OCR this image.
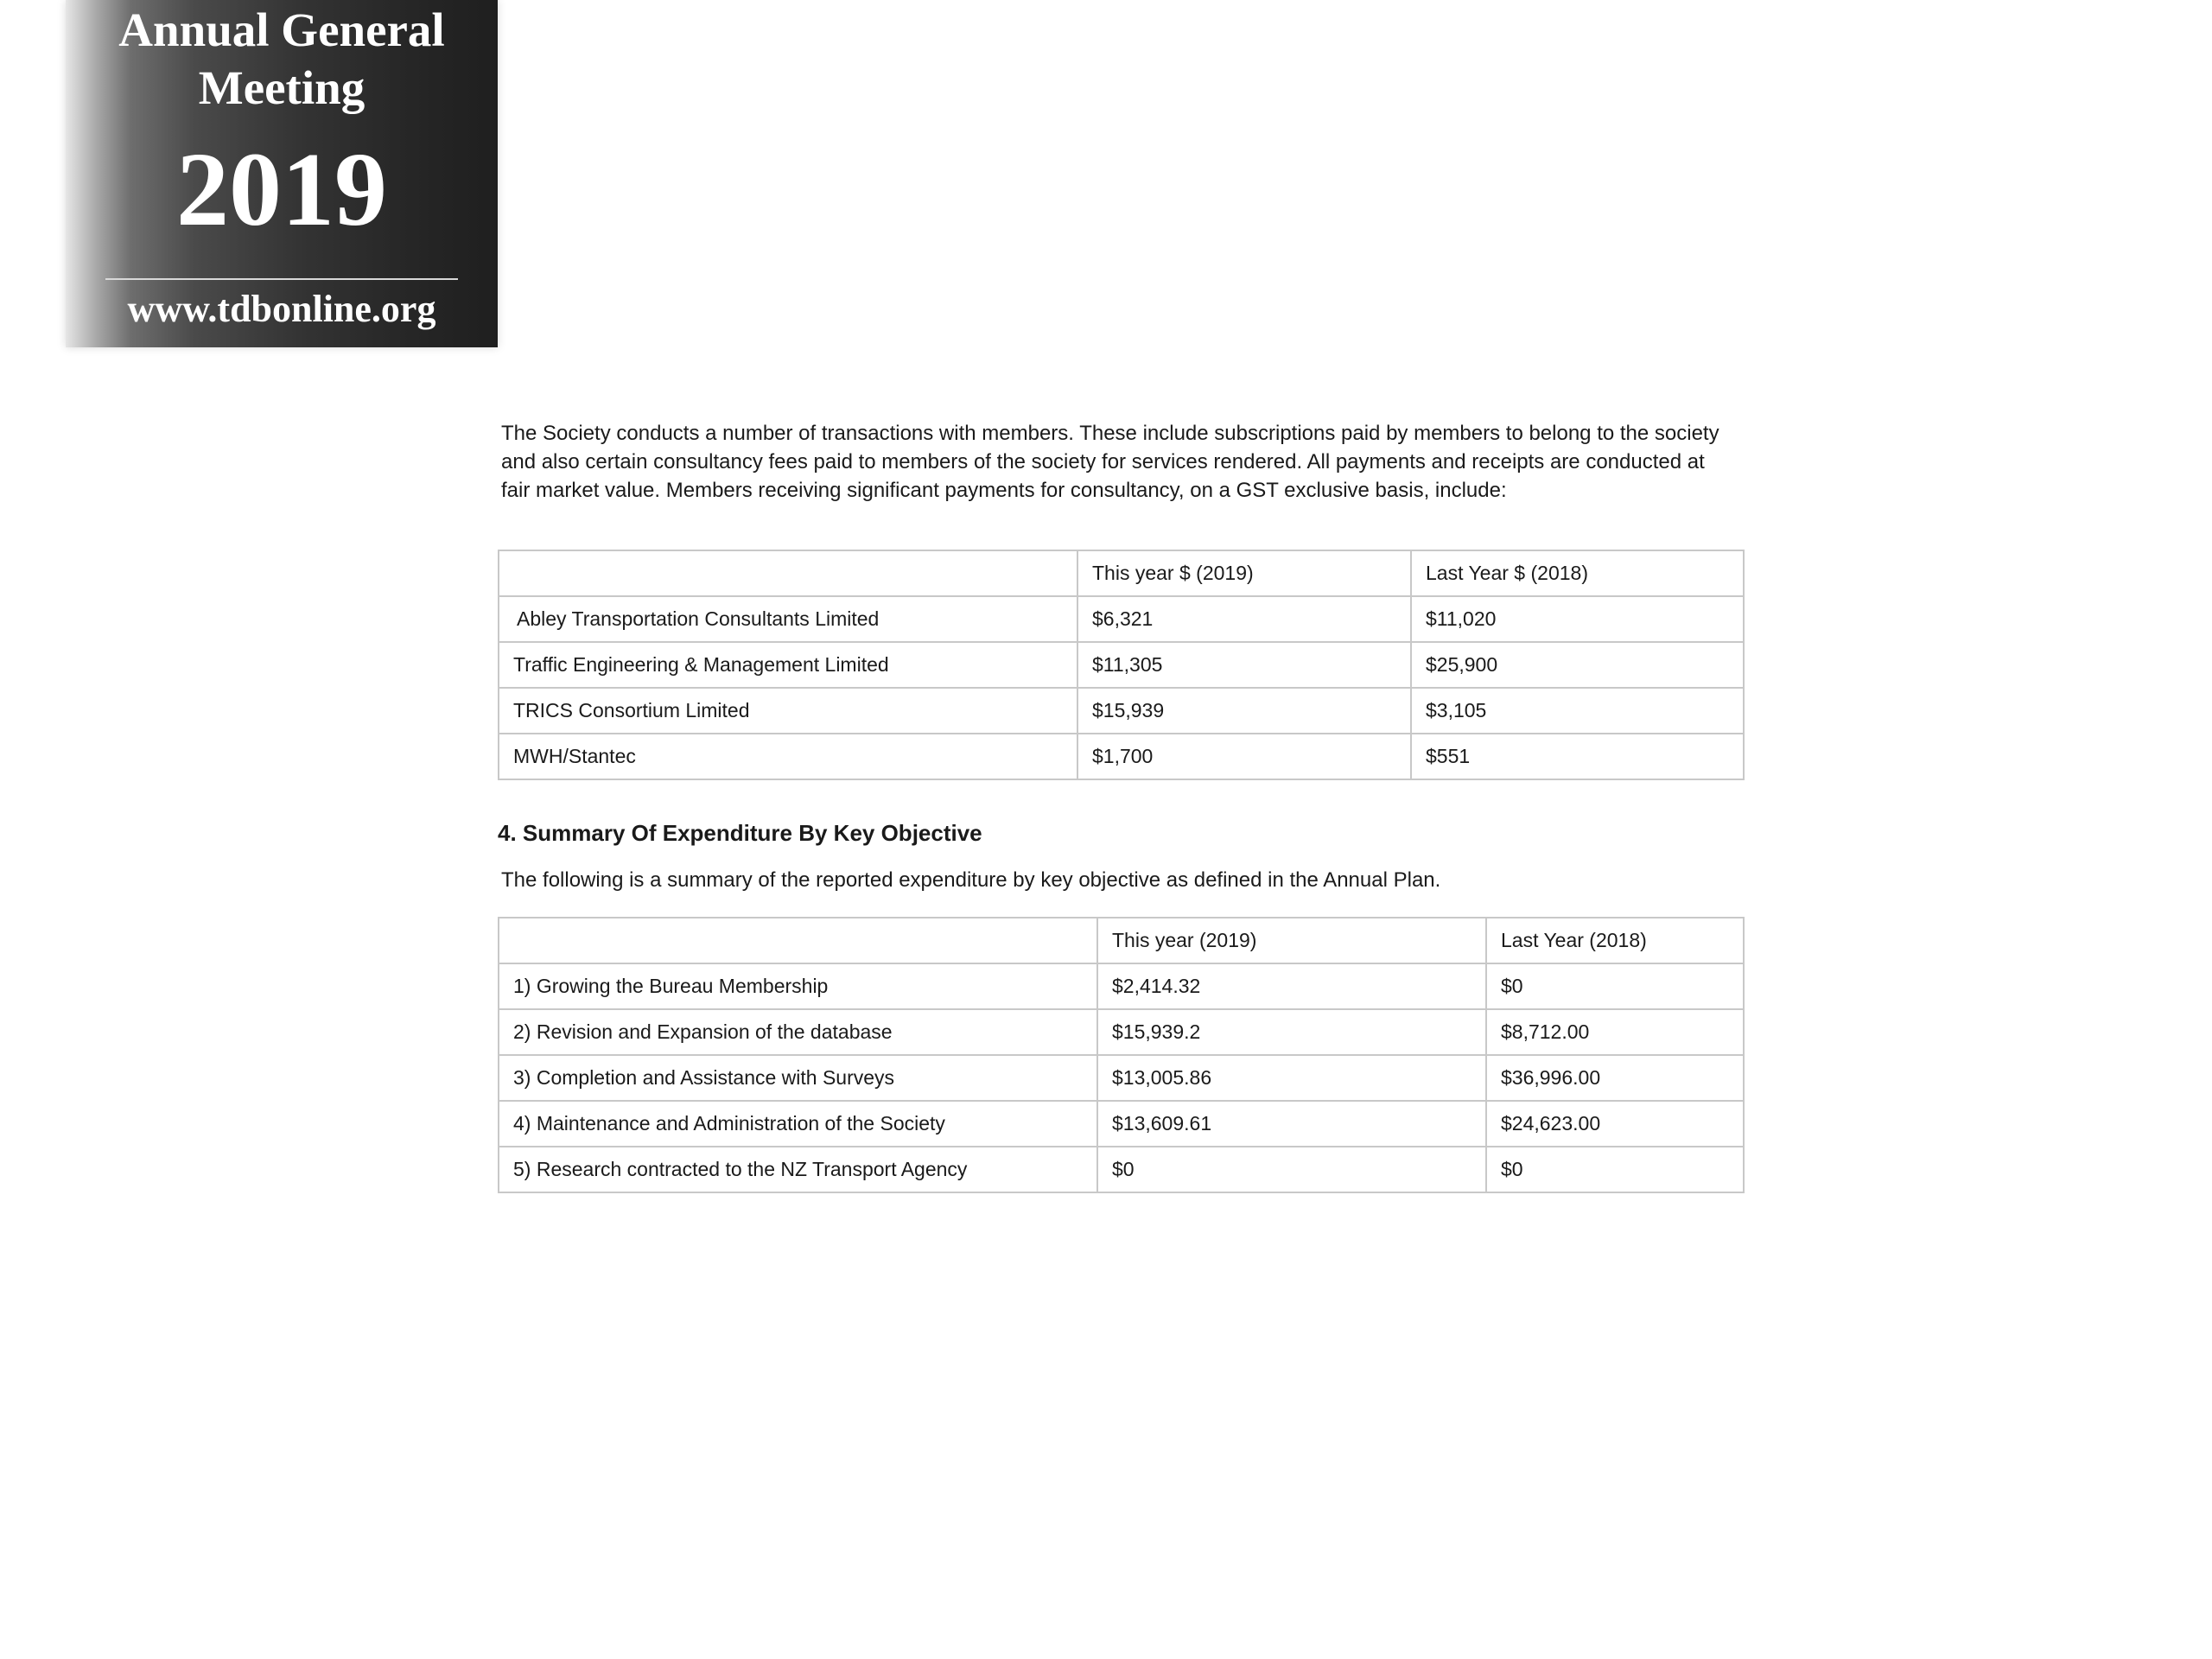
Annual General
Meeting
2019
www.tdbonline.org

The Society conducts a number of transactions with members. These include subscriptions paid by members to belong to the society and also certain consultancy fees paid to members of the society for services rendered. All payments and receipts are conducted at fair market value. Members receiving significant payments for consultancy, on a GST exclusive basis, include:

	This year $ (2019)	Last Year $ (2018)
Abley Transportation Consultants Limited	$6,321	$11,020
Traffic Engineering & Management Limited	$11,305	$25,900
TRICS Consortium Limited	$15,939	$3,105
MWH/Stantec	$1,700	$551
4. Summary Of Expenditure By Key Objective

The following is a summary of the reported expenditure by key objective as defined in the Annual Plan.

	This year (2019)	Last Year (2018)
1) Growing the Bureau Membership	$2,414.32	$0
2) Revision and Expansion of the database	$15,939.2	$8,712.00
3) Completion and Assistance with Surveys	$13,005.86	$36,996.00
4) Maintenance and Administration of the Society	$13,609.61	$24,623.00
5) Research contracted to the NZ Transport Agency	$0	$0
